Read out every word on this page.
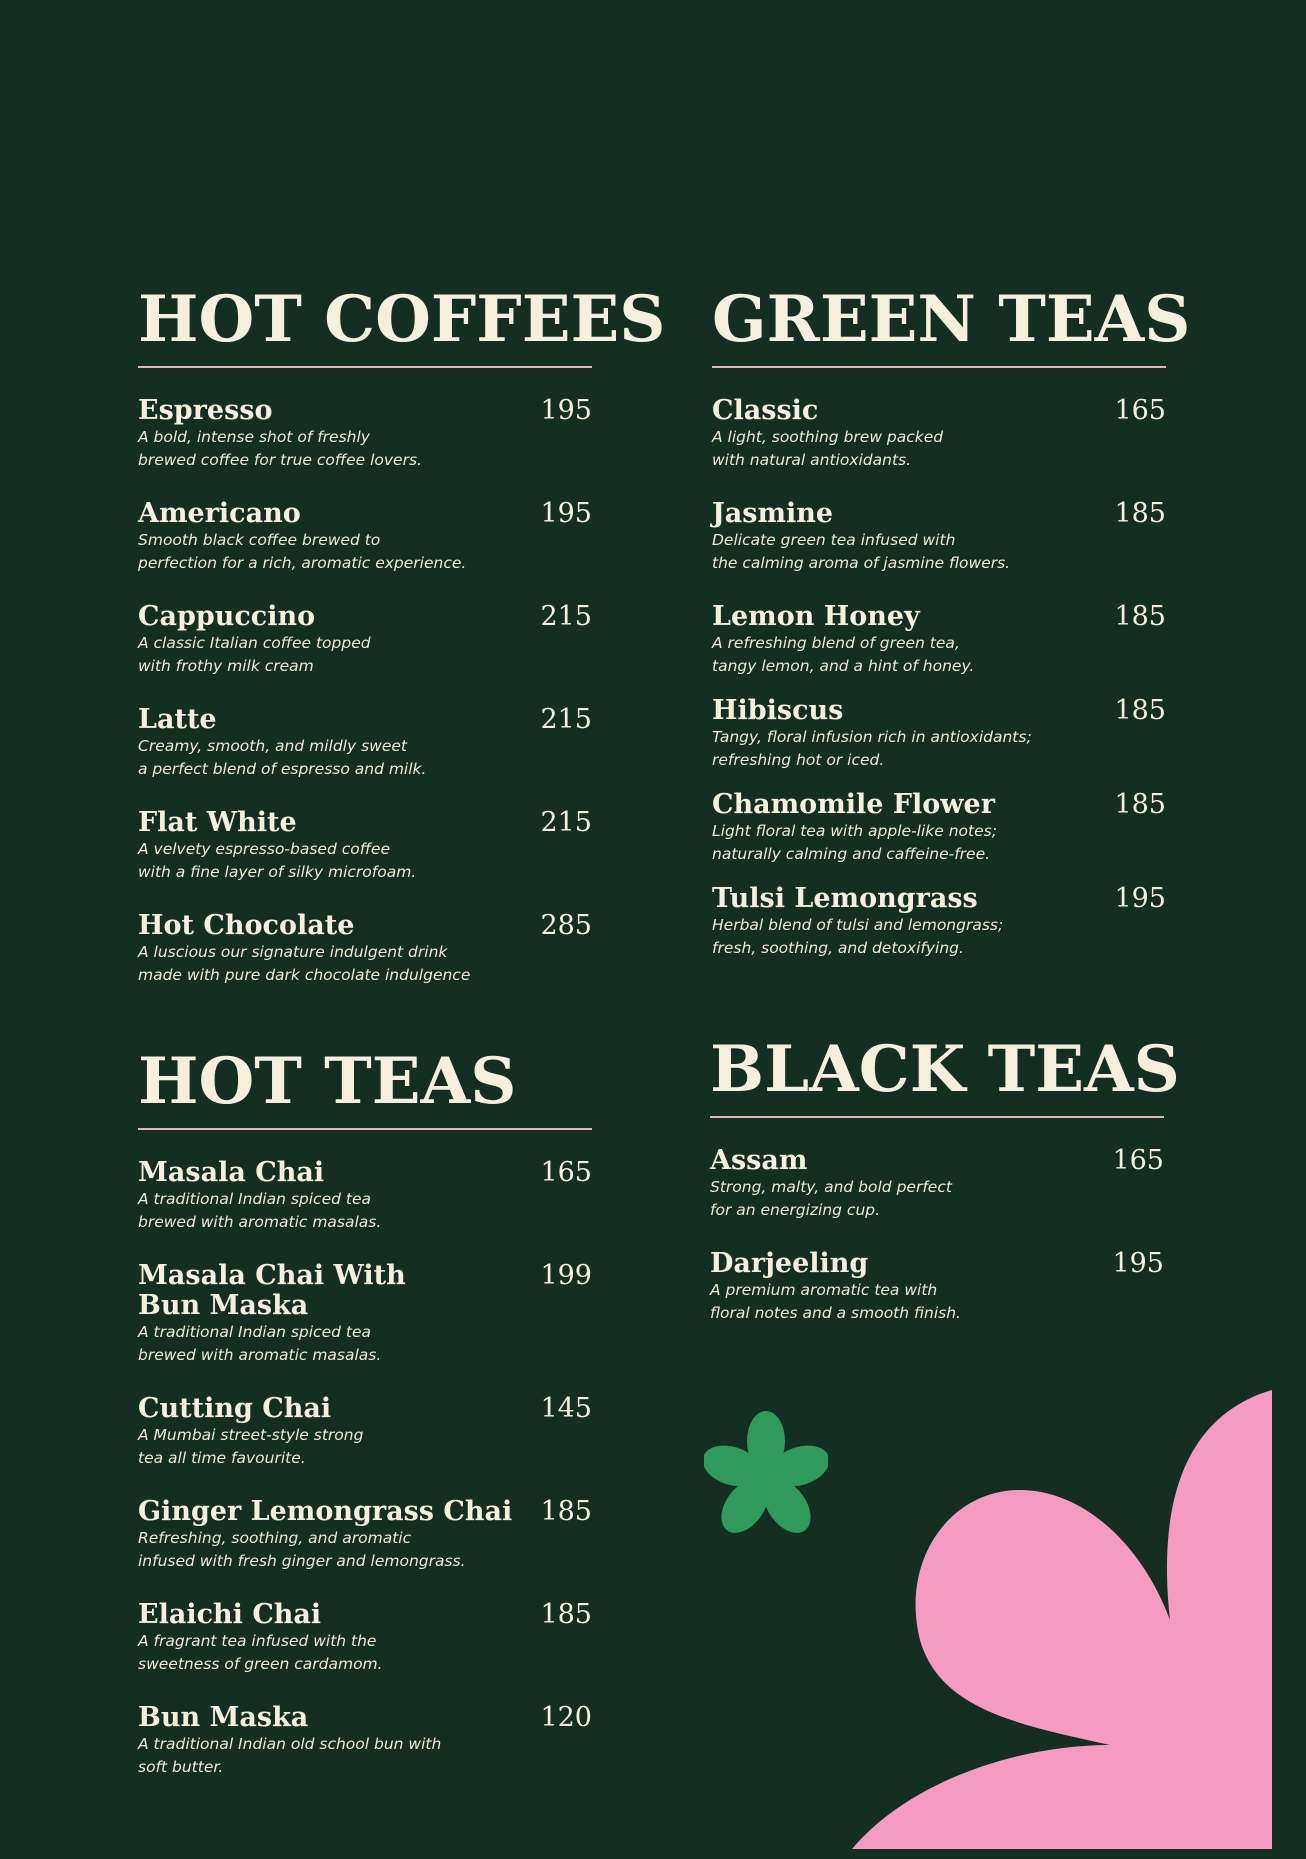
HOT COFFEES
Espresso
A bold, intense shot of freshly
brewed coffee for true coffee lovers.
195
Americano
Smooth black coffee brewed to
perfection for a rich, aromatic experience.
195
Cappuccino
A classic Italian coffee topped
with frothy milk cream
215
Latte
Creamy, smooth, and mildly sweet
a perfect blend of espresso and milk.
215
Flat White
A velvety espresso-based coffee
with a fine layer of silky microfoam.
215
Hot Chocolate
A luscious our signature indulgent drink
made with pure dark chocolate indulgence
285
GREEN TEAS
Classic
A light, soothing brew packed
with natural antioxidants.
165
Jasmine
Delicate green tea infused with
the calming aroma of jasmine flowers.
185
Lemon Honey
A refreshing blend of green tea,
tangy lemon, and a hint of honey.
185
Hibiscus
Tangy, floral infusion rich in antioxidants;
refreshing hot or iced.
185
Chamomile Flower
Light floral tea with apple-like notes;
naturally calming and caffeine-free.
185
Tulsi Lemongrass
Herbal blend of tulsi and lemongrass;
fresh, soothing, and detoxifying.
195
HOT TEAS
Masala Chai
A traditional Indian spiced tea
brewed with aromatic masalas.
165
Masala Chai With
Bun Maska
A traditional Indian spiced tea
brewed with aromatic masalas.
199
Cutting Chai
A Mumbai street-style strong
tea all time favourite.
145
Ginger Lemongrass Chai
Refreshing, soothing, and aromatic
infused with fresh ginger and lemongrass.
185
Elaichi Chai
A fragrant tea infused with the
sweetness of green cardamom.
185
Bun Maska
A traditional Indian old school bun with
soft butter.
120
BLACK TEAS
Assam
Strong, malty, and bold perfect
for an energizing cup.
165
Darjeeling
A premium aromatic tea with
floral notes and a smooth finish.
195
